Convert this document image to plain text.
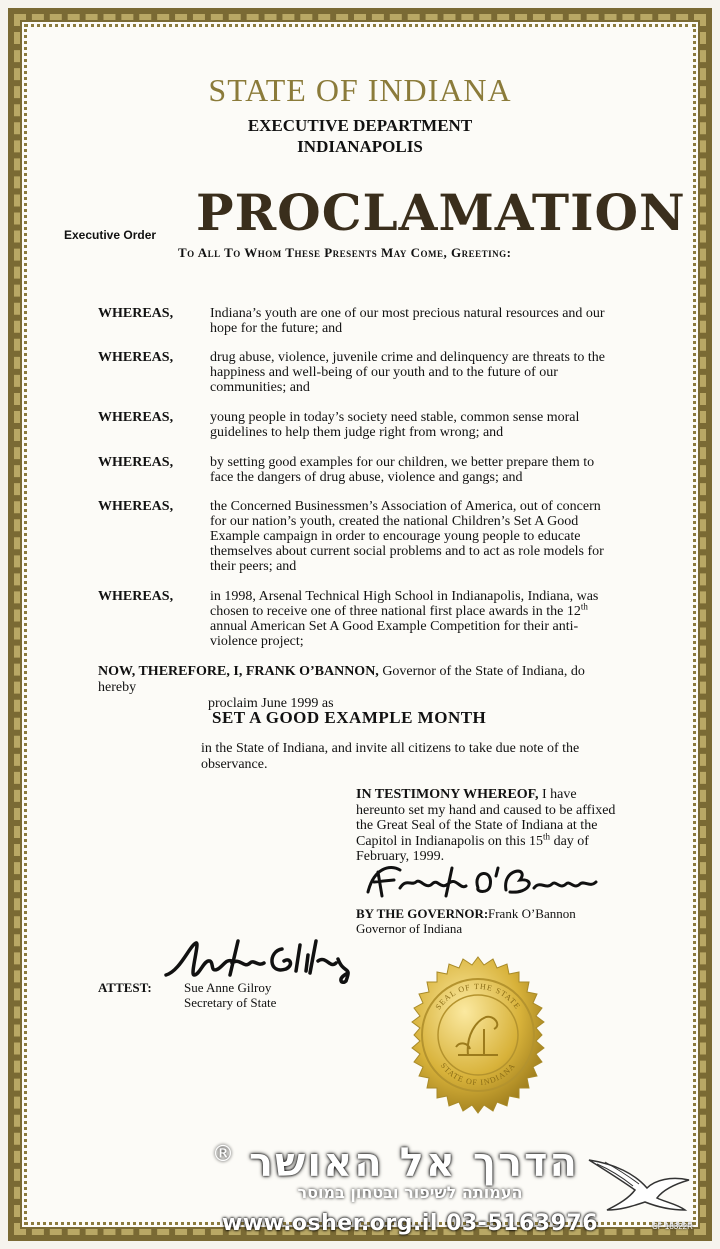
STATE OF INDIANA
EXECUTIVE DEPARTMENT
INDIANAPOLIS
Executive Order PROCLAMATION
To All To Whom These Presents May Come, Greeting:
WHEREAS,	Indiana’s youth are one of our most precious natural resources and our hope for the future; and
WHEREAS,	drug abuse, violence, juvenile crime and delinquency are threats to the happiness and well-being of our youth and to the future of our communities; and
WHEREAS,	young people in today’s society need stable, common sense moral guidelines to help them judge right from wrong; and
WHEREAS,	by setting good examples for our children, we better prepare them to face the dangers of drug abuse, violence and gangs; and
WHEREAS,	the Concerned Businessmen’s Association of America, out of concern for our nation’s youth, created the national Children’s Set A Good Example campaign in order to encourage young people to educate themselves about current social problems and to act as role models for their peers; and
WHEREAS,	in 1998, Arsenal Technical High School in Indianapolis, Indiana, was chosen to receive one of three national first place awards in the 12th annual American Set A Good Example Competition for their anti-violence project;
NOW, THEREFORE, I, FRANK O’BANNON, Governor of the State of Indiana, do hereby
proclaim June 1999 as
SET A GOOD EXAMPLE MONTH
in the State of Indiana, and invite all citizens to take due note of the observance.
IN TESTIMONY WHEREOF, I have hereunto set my hand and caused to be affixed the Great Seal of the State of Indiana at the Capitol in Indianapolis on this 15th day of February, 1999.
BY THE GOVERNOR: Frank O’Bannon
Governor of Indiana
ATTEST: Sue Anne Gilroy
Secretary of State	SEAL OF THE STATE
STATE OF INDIANA
הדרך אל האושר
®
העמותה לשיפור ובטחון במוסר
www.osher.org.il 03-5163976	CF 18322R
